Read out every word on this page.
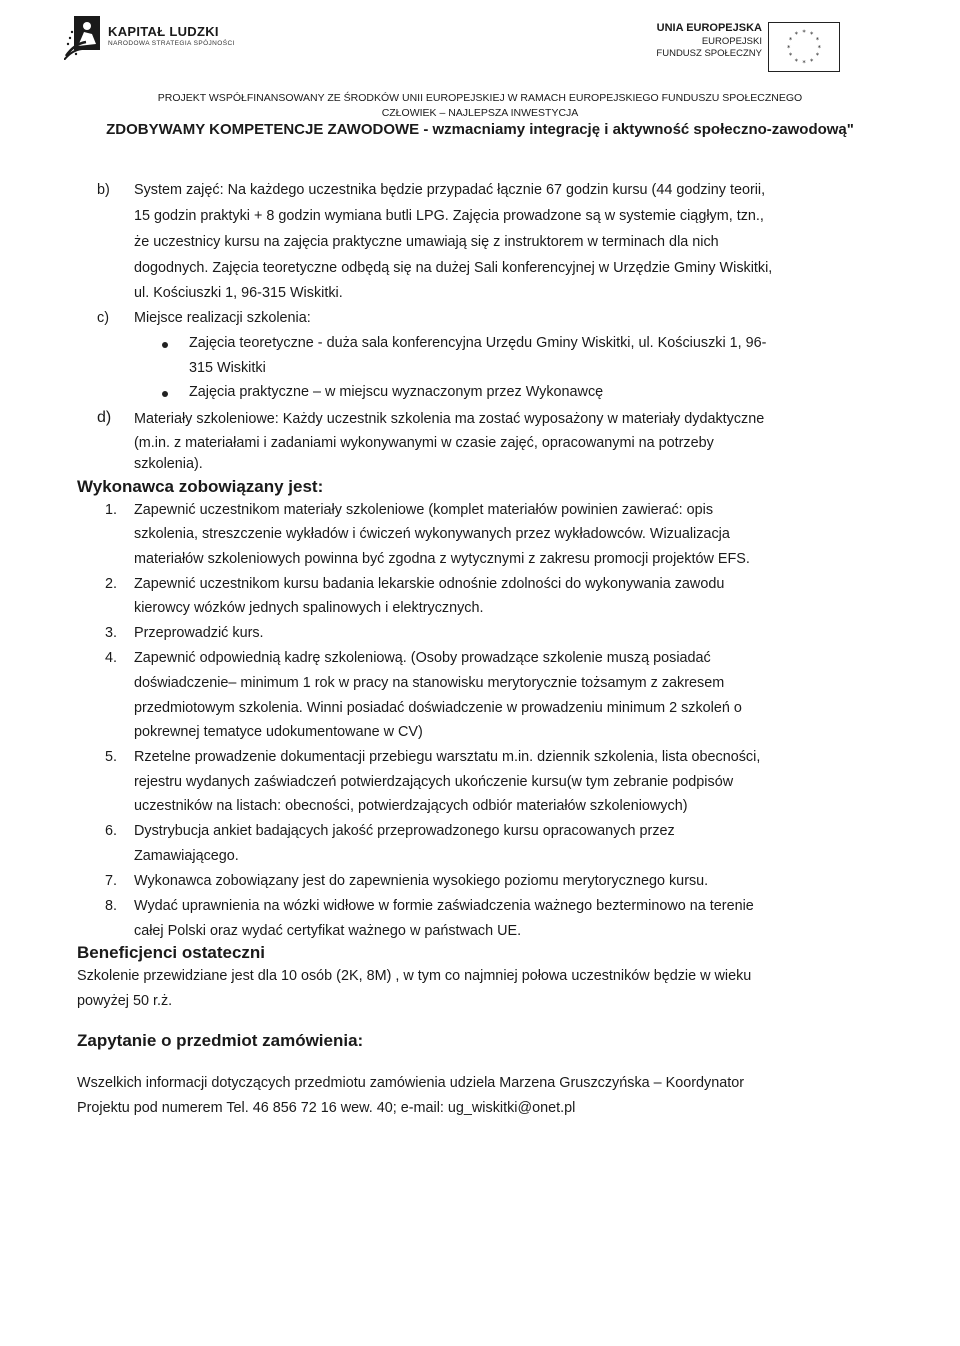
KAPITAŁ LUDZKI
NARODOWA STRATEGIA SPÓJNOŚCI
UNIA EUROPEJSKA
EUROPEJSKI
FUNDUSZ SPOŁECZNY
* *
*
*
*
*
*
*
*
*
*
*
PROJEKT WSPÓŁFINANSOWANY ZE ŚRODKÓW UNII EUROPEJSKIEJ W RAMACH EUROPEJSKIEGO FUNDUSZU SPOŁECZNEGO
CZŁOWIEK – NAJLEPSZA INWESTYCJA
ZDOBYWAMY KOMPETENCJE ZAWODOWE - wzmacniamy integrację i aktywność społeczno-zawodową"
b) System zajęć: Na każdego uczestnika będzie przypadać łącznie 67 godzin kursu (44 godziny teorii,
15 godzin praktyki + 8 godzin wymiana butli LPG. Zajęcia prowadzone są w systemie ciągłym, tzn.,
że uczestnicy kursu na zajęcia praktyczne umawiają się z instruktorem w terminach dla nich
dogodnych. Zajęcia teoretyczne odbędą się na dużej Sali konferencyjnej w Urzędzie Gminy Wiskitki,
ul. Kościuszki 1, 96-315 Wiskitki.
c) Miejsce realizacji szkolenia:
Zajęcia teoretyczne - duża sala konferencyjna Urzędu Gminy Wiskitki, ul. Kościuszki 1, 96-
315 Wiskitki
Zajęcia praktyczne – w miejscu wyznaczonym przez Wykonawcę
d) Materiały szkoleniowe: Każdy uczestnik szkolenia ma zostać wyposażony w materiały dydaktyczne
(m.in. z materiałami i zadaniami wykonywanymi w czasie zajęć, opracowanymi na potrzeby
szkolenia).
Wykonawca zobowiązany jest:
1. Zapewnić uczestnikom materiały szkoleniowe (komplet materiałów powinien zawierać: opis
szkolenia, streszczenie wykładów i ćwiczeń wykonywanych przez wykładowców. Wizualizacja
materiałów szkoleniowych powinna być zgodna z wytycznymi z zakresu promocji projektów EFS.
2. Zapewnić uczestnikom kursu badania lekarskie odnośnie zdolności do wykonywania zawodu
kierowcy wózków jednych spalinowych i elektrycznych.
3. Przeprowadzić kurs.
4. Zapewnić odpowiednią kadrę szkoleniową. (Osoby prowadzące szkolenie muszą posiadać
doświadczenie– minimum 1 rok w pracy na stanowisku merytorycznie tożsamym z zakresem
przedmiotowym szkolenia. Winni posiadać doświadczenie w prowadzeniu minimum 2 szkoleń o
pokrewnej tematyce udokumentowane w CV)
5. Rzetelne prowadzenie dokumentacji przebiegu warsztatu m.in. dziennik szkolenia, lista obecności,
rejestru wydanych zaświadczeń potwierdzających ukończenie kursu(w tym zebranie podpisów
uczestników na listach: obecności, potwierdzających odbiór materiałów szkoleniowych)
6. Dystrybucja ankiet badających jakość przeprowadzonego kursu opracowanych przez
Zamawiającego.
7. Wykonawca zobowiązany jest do zapewnienia wysokiego poziomu merytorycznego kursu.
8. Wydać uprawnienia na wózki widłowe w formie zaświadczenia ważnego bezterminowo na terenie
całej Polski oraz wydać certyfikat ważnego w państwach UE.
Beneficjenci ostateczni
Szkolenie przewidziane jest dla 10 osób (2K, 8M) , w tym co najmniej połowa uczestników będzie w wieku
powyżej 50 r.ż.
Zapytanie o przedmiot zamówienia:
Wszelkich informacji dotyczących przedmiotu zamówienia udziela Marzena Gruszczyńska – Koordynator
Projektu pod numerem Tel. 46 856 72 16 wew. 40; e-mail: ug_wiskitki@onet.pl
